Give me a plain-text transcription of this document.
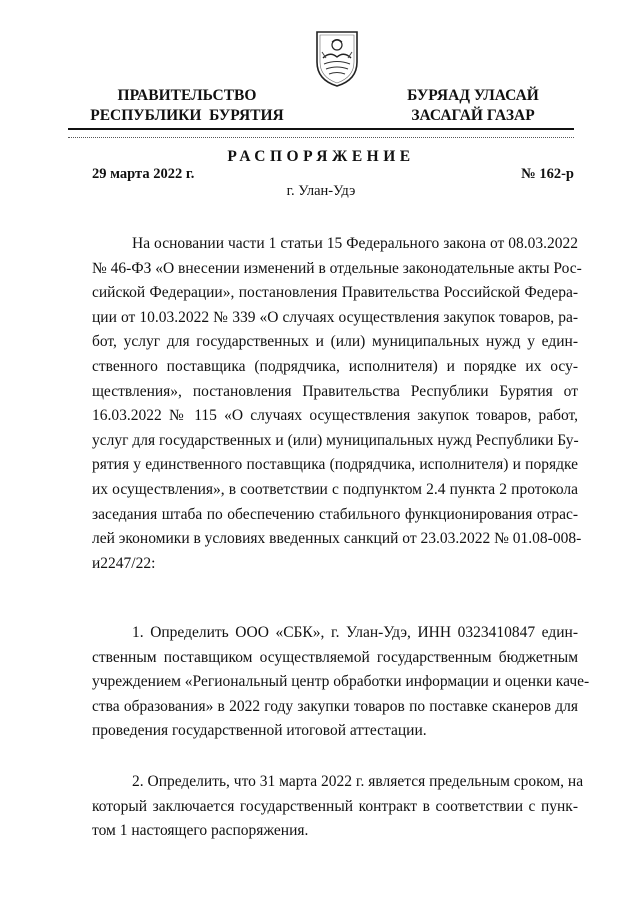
ПРАВИТЕЛЬСТВО
РЕСПУБЛИКИ  БУРЯТИЯ
БУРЯАД УЛАСАЙ
ЗАСАГАЙ ГАЗАР
РАСПОРЯЖЕНИЕ
29 марта 2022 г.	№ 162-р
г. Улан-Удэ
На основании части 1 статьи 15 Федерального закона от 08.03.2022
№ 46-ФЗ «О внесении изменений в отдельные законодательные акты Рос-
сийской Федерации», постановления Правительства Российской Федера-
ции от 10.03.2022 № 339 «О случаях осуществления закупок товаров, ра-
бот, услуг для государственных и (или) муниципальных нужд у един-
ственного поставщика (подрядчика, исполнителя) и порядке их осу-
ществления», постановления Правительства Республики Бурятия от
16.03.2022 № 115 «О случаях осуществления закупок товаров, работ,
услуг для государственных и (или) муниципальных нужд Республики Бу-
рятия у единственного поставщика (подрядчика, исполнителя) и порядке
их осуществления», в соответствии с подпунктом 2.4 пункта 2 протокола
заседания штаба по обеспечению стабильного функционирования отрас-
лей экономики в условиях введенных санкций от 23.03.2022 № 01.08-008-
и2247/22:
1. Определить ООО «СБК», г. Улан-Удэ, ИНН 0323410847 един-
ственным поставщиком осуществляемой государственным бюджетным
учреждением «Региональный центр обработки информации и оценки каче-
ства образования» в 2022 году закупки товаров по поставке сканеров для
проведения государственной итоговой аттестации.
2. Определить, что 31 марта 2022 г. является предельным сроком, на
который заключается государственный контракт в соответствии с пунк-
том 1 настоящего распоряжения.
